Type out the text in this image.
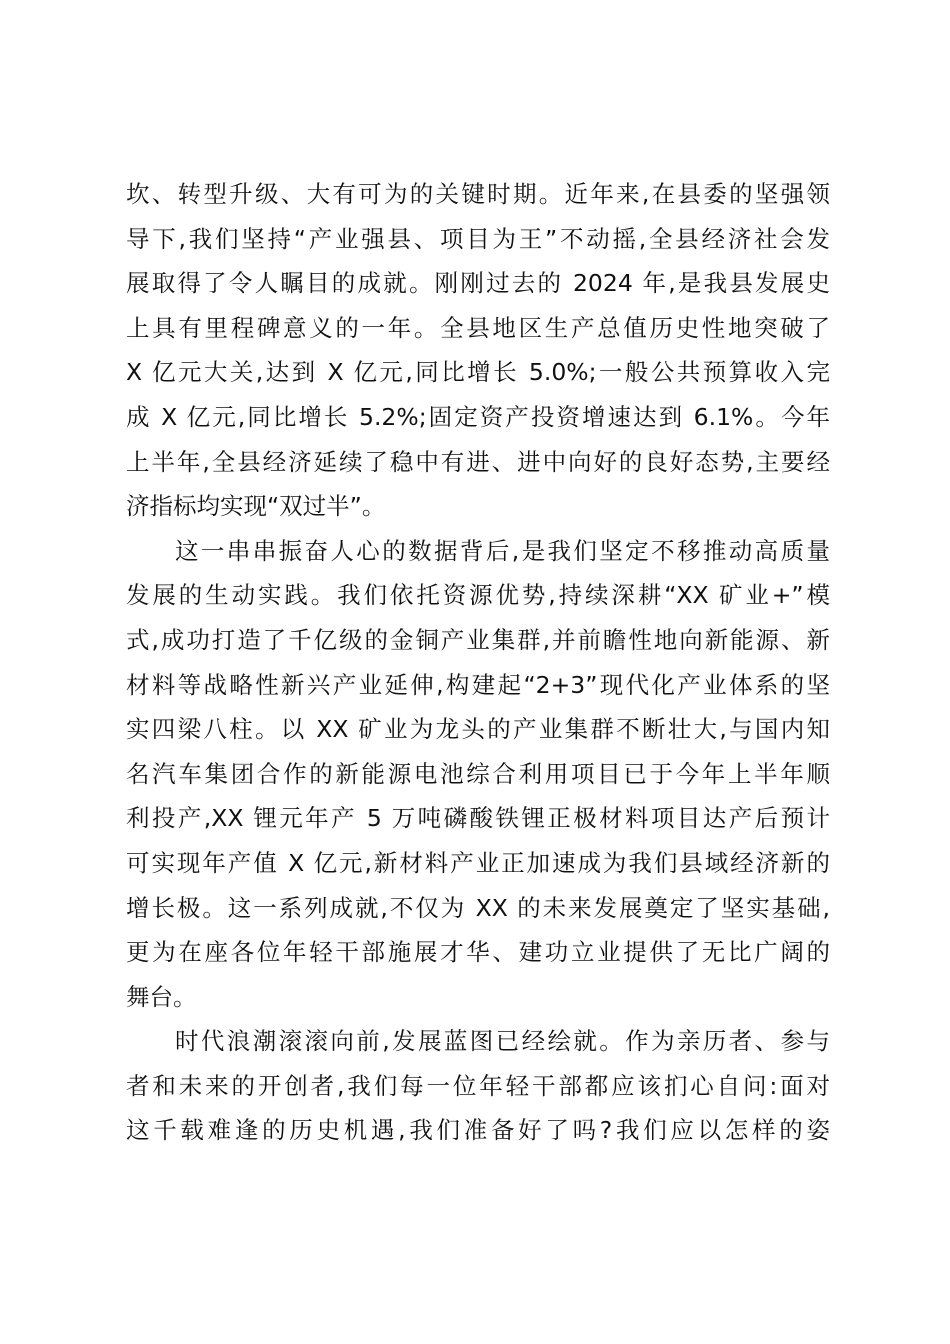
坎、转型升级、大有可为的关键时期。近年来,在县委的坚强领
导下,我们坚持“产业强县、项目为王”不动摇,全县经济社会发
展取得了令人瞩目的成就。刚刚过去的 2024 年,是我县发展史
上具有里程碑意义的一年。全县地区生产总值历史性地突破了
X 亿元大关,达到 X 亿元,同比增长 5.0%;一般公共预算收入完
成 X 亿元,同比增长 5.2%;固定资产投资增速达到 6.1%。今年
上半年,全县经济延续了稳中有进、进中向好的良好态势,主要经
济指标均实现“双过半”。
这一串串振奋人心的数据背后,是我们坚定不移推动高质量
发展的生动实践。我们依托资源优势,持续深耕“XX 矿业+”模
式,成功打造了千亿级的金铜产业集群,并前瞻性地向新能源、新
材料等战略性新兴产业延伸,构建起“2+3”现代化产业体系的坚
实四梁八柱。以 XX 矿业为龙头的产业集群不断壮大,与国内知
名汽车集团合作的新能源电池综合利用项目已于今年上半年顺
利投产,XX 锂元年产 5 万吨磷酸铁锂正极材料项目达产后预计
可实现年产值 X 亿元,新材料产业正加速成为我们县域经济新的
增长极。这一系列成就,不仅为 XX 的未来发展奠定了坚实基础,
更为在座各位年轻干部施展才华、建功立业提供了无比广阔的
舞台。
时代浪潮滚滚向前,发展蓝图已经绘就。作为亲历者、参与
者和未来的开创者,我们每一位年轻干部都应该扪心自问:面对
这千载难逢的历史机遇,我们准备好了吗?我们应以怎样的姿
